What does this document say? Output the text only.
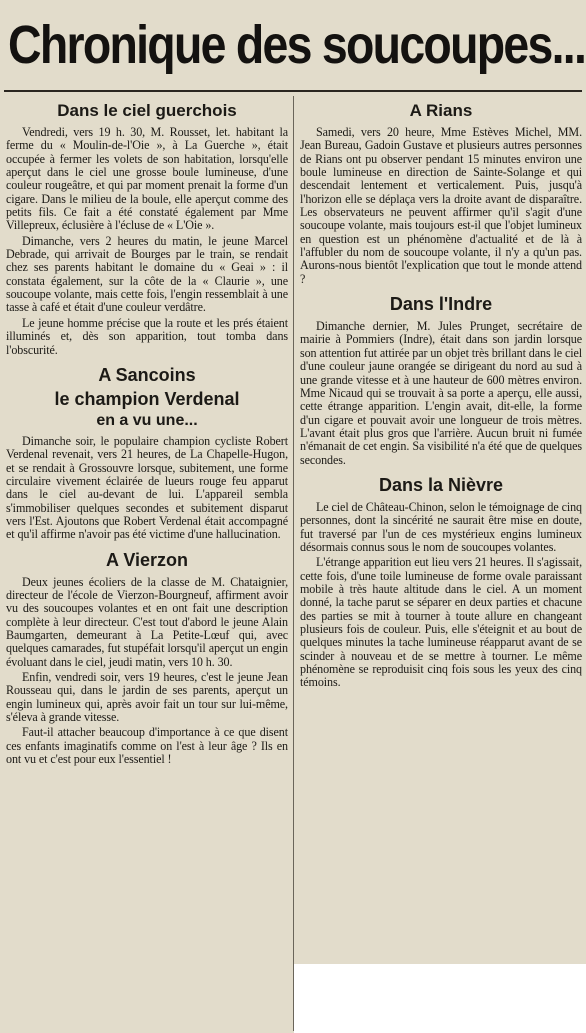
Chronique des soucoupes...
Dans le ciel guerchois

Vendredi, vers 19 h. 30, M. Rousset, let. habitant la ferme du « Moulin-de-l'Oie », à La Guerche », était occupée à fermer les volets de son habitation, lorsqu'elle aperçut dans le ciel une grosse boule lumineuse, d'une couleur rougeâtre, et qui par moment prenait la forme d'un cigare. Dans le milieu de la boule, elle aperçut comme des petits fils. Ce fait a été constaté également par Mme Villepreux, éclusière à l'écluse de « L'Oie ».

Dimanche, vers 2 heures du matin, le jeune Marcel Debrade, qui arrivait de Bourges par le train, se rendait chez ses parents habitant le domaine du « Geai » : il constata également, sur la côte de la « Claurie », une soucoupe volante, mais cette fois, l'engin ressemblait à une tasse à café et était d'une couleur verdâtre.

Le jeune homme précise que la route et les prés étaient illuminés et, dès son apparition, tout tomba dans l'obscurité.

A Sancoins
le champion Verdenal
en a vu une...

Dimanche soir, le populaire champion cycliste Robert Verdenal revenait, vers 21 heures, de La Chapelle-Hugon, et se rendait à Grossouvre lorsque, subitement, une forme circulaire vivement éclairée de lueurs rouge feu apparut dans le ciel au-devant de lui. L'appareil sembla s'immobiliser quelques secondes et subitement disparut vers l'Est. Ajoutons que Robert Verdenal était accompagné et qu'il affirme n'avoir pas été victime d'une hallucination.

A Vierzon

Deux jeunes écoliers de la classe de M. Chataignier, directeur de l'école de Vierzon-Bourgneuf, affirment avoir vu des soucoupes volantes et en ont fait une description complète à leur directeur. C'est tout d'abord le jeune Alain Baumgarten, demeurant à La Petite-Lœuf qui, avec quelques camarades, fut stupéfait lorsqu'il aperçut un engin évoluant dans le ciel, jeudi matin, vers 10 h. 30.

Enfin, vendredi soir, vers 19 heures, c'est le jeune Jean Rousseau qui, dans le jardin de ses parents, aperçut un engin lumineux qui, après avoir fait un tour sur lui-même, s'éleva à grande vitesse.

Faut-il attacher beaucoup d'importance à ce que disent ces enfants imaginatifs comme on l'est à leur âge ? Ils en ont vu et c'est pour eux l'essentiel !

A Rians

Samedi, vers 20 heure, Mme Estèves Michel, MM. Jean Bureau, Gadoin Gustave et plusieurs autres personnes de Rians ont pu observer pendant 15 minutes environ une boule lumineuse en direction de Sainte-Solange et qui descendait lentement et verticalement. Puis, jusqu'à l'horizon elle se déplaça vers la droite avant de disparaître. Les observateurs ne peuvent affirmer qu'il s'agit d'une soucoupe volante, mais toujours est-il que l'objet lumineux en question est un phénomène d'actualité et de là à l'affubler du nom de soucoupe volante, il n'y a qu'un pas. Aurons-nous bientôt l'explication que tout le monde attend ?

Dans l'Indre

Dimanche dernier, M. Jules Prunget, secrétaire de mairie à Pommiers (Indre), était dans son jardin lorsque son attention fut attirée par un objet très brillant dans le ciel d'une couleur jaune orangée se dirigeant du nord au sud à une grande vitesse et à une hauteur de 600 mètres environ. Mme Nicaud qui se trouvait à sa porte a aperçu, elle aussi, cette étrange apparition. L'engin avait, dit-elle, la forme d'un cigare et pouvait avoir une longueur de trois mètres. L'avant était plus gros que l'arrière. Aucun bruit ni fumée n'émanait de cet engin. Sa visibilité n'a été que de quelques secondes.

Dans la Nièvre

Le ciel de Château-Chinon, selon le témoignage de cinq personnes, dont la sincérité ne saurait être mise en doute, fut traversé par l'un de ces mystérieux engins lumineux désormais connus sous le nom de soucoupes volantes.

L'étrange apparition eut lieu vers 21 heures. Il s'agissait, cette fois, d'une toile lumineuse de forme ovale paraissant mobile à très haute altitude dans le ciel. A un moment donné, la tache parut se séparer en deux parties et chacune des parties se mit à tourner à toute allure en changeant plusieurs fois de couleur. Puis, elle s'éteignit et au bout de quelques minutes la tache lumineuse réapparut avant de se scinder à nouveau et de se mettre à tourner. Le même phénomène se reproduisit cinq fois sous les yeux des cinq témoins.
